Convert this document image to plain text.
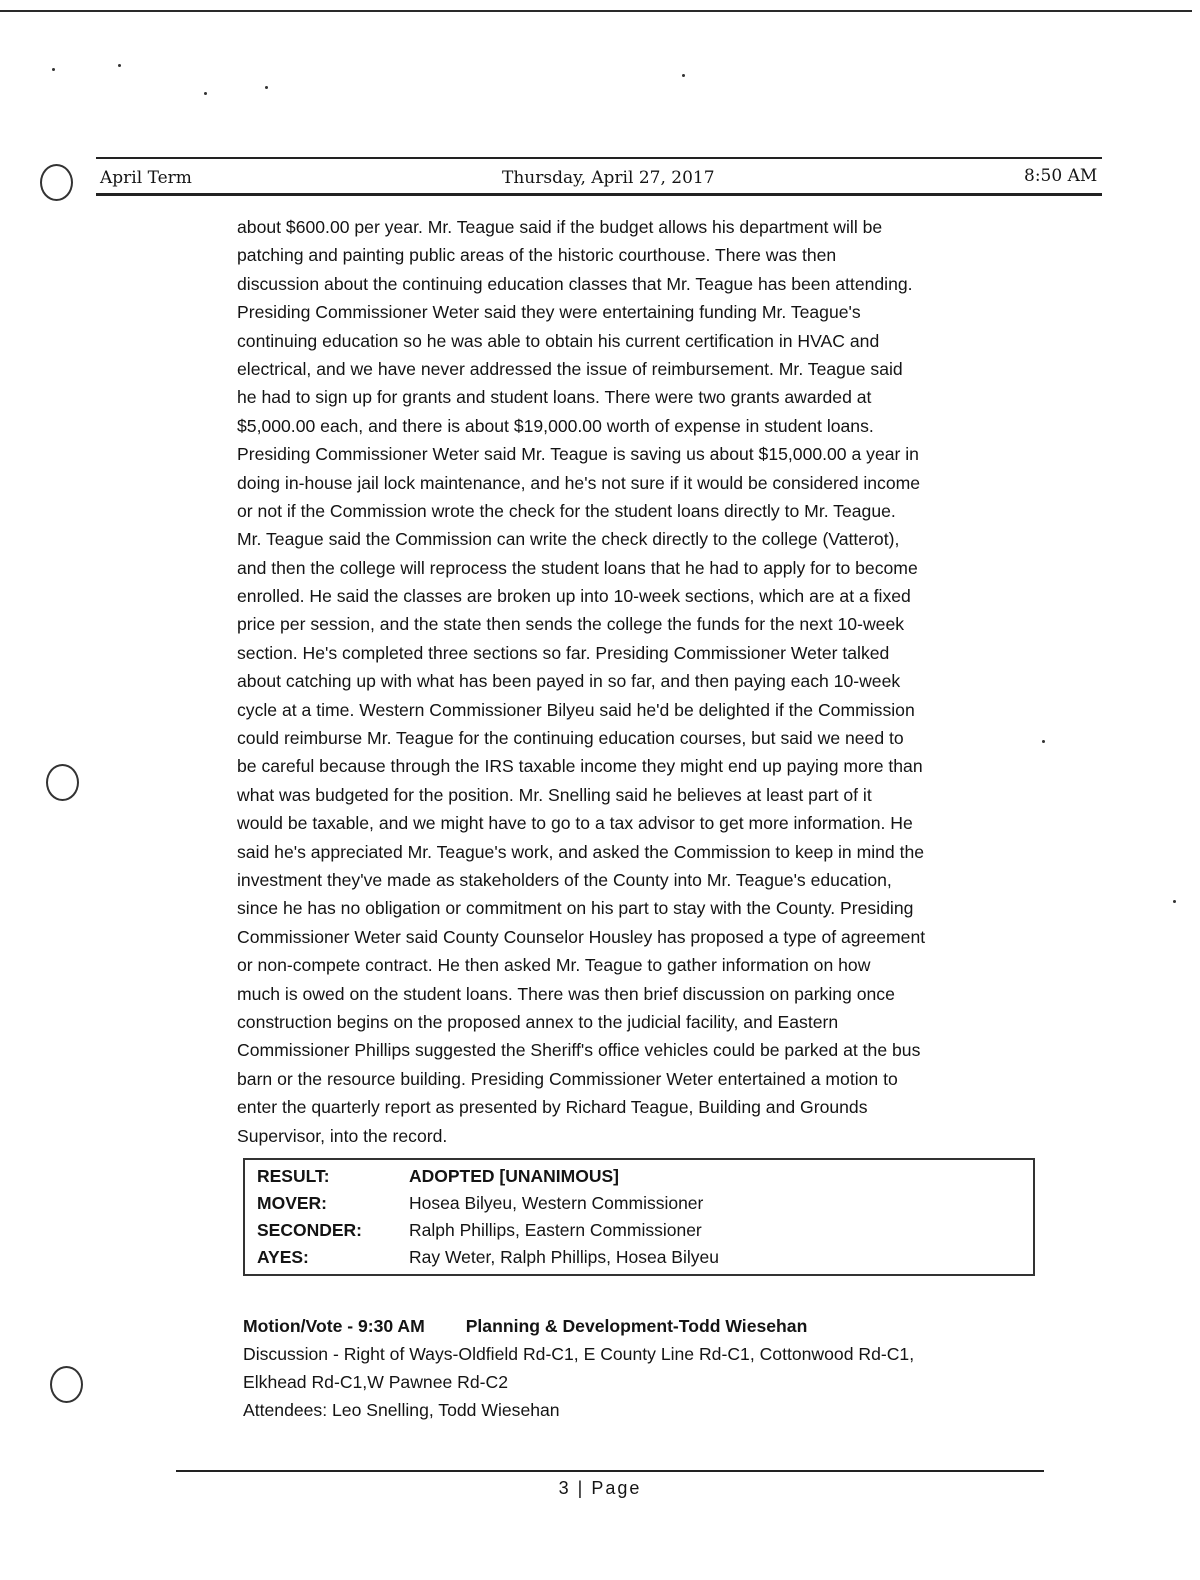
April Term	Thursday, April 27, 2017	8:50 AM
about $600.00 per year. Mr. Teague said if the budget allows his department will be
patching and painting public areas of the historic courthouse. There was then
discussion about the continuing education classes that Mr. Teague has been attending.
Presiding Commissioner Weter said they were entertaining funding Mr. Teague's
continuing education so he was able to obtain his current certification in HVAC and
electrical, and we have never addressed the issue of reimbursement. Mr. Teague said
he had to sign up for grants and student loans. There were two grants awarded at
$5,000.00 each, and there is about $19,000.00 worth of expense in student loans.
Presiding Commissioner Weter said Mr. Teague is saving us about $15,000.00 a year in
doing in-house jail lock maintenance, and he's not sure if it would be considered income
or not if the Commission wrote the check for the student loans directly to Mr. Teague.
Mr. Teague said the Commission can write the check directly to the college (Vatterot),
and then the college will reprocess the student loans that he had to apply for to become
enrolled. He said the classes are broken up into 10-week sections, which are at a fixed
price per session, and the state then sends the college the funds for the next 10-week
section. He's completed three sections so far. Presiding Commissioner Weter talked
about catching up with what has been payed in so far, and then paying each 10-week
cycle at a time. Western Commissioner Bilyeu said he'd be delighted if the Commission
could reimburse Mr. Teague for the continuing education courses, but said we need to
be careful because through the IRS taxable income they might end up paying more than
what was budgeted for the position. Mr. Snelling said he believes at least part of it
would be taxable, and we might have to go to a tax advisor to get more information. He
said he's appreciated Mr. Teague's work, and asked the Commission to keep in mind the
investment they've made as stakeholders of the County into Mr. Teague's education,
since he has no obligation or commitment on his part to stay with the County. Presiding
Commissioner Weter said County Counselor Housley has proposed a type of agreement
or non-compete contract. He then asked Mr. Teague to gather information on how
much is owed on the student loans. There was then brief discussion on parking once
construction begins on the proposed annex to the judicial facility, and Eastern
Commissioner Phillips suggested the Sheriff's office vehicles could be parked at the bus
barn or the resource building. Presiding Commissioner Weter entertained a motion to
enter the quarterly report as presented by Richard Teague, Building and Grounds
Supervisor, into the record.
RESULT:	ADOPTED [UNANIMOUS]
MOVER:	Hosea Bilyeu, Western Commissioner
SECONDER:	Ralph Phillips, Eastern Commissioner
AYES:	Ray Weter, Ralph Phillips, Hosea Bilyeu
Motion/Vote - 9:30 AM Planning & Development-Todd Wiesehan
Discussion - Right of Ways-Oldfield Rd-C1, E County Line Rd-C1, Cottonwood Rd-C1,
Elkhead Rd-C1,W Pawnee Rd-C2
Attendees: Leo Snelling, Todd Wiesehan
3 | Page
